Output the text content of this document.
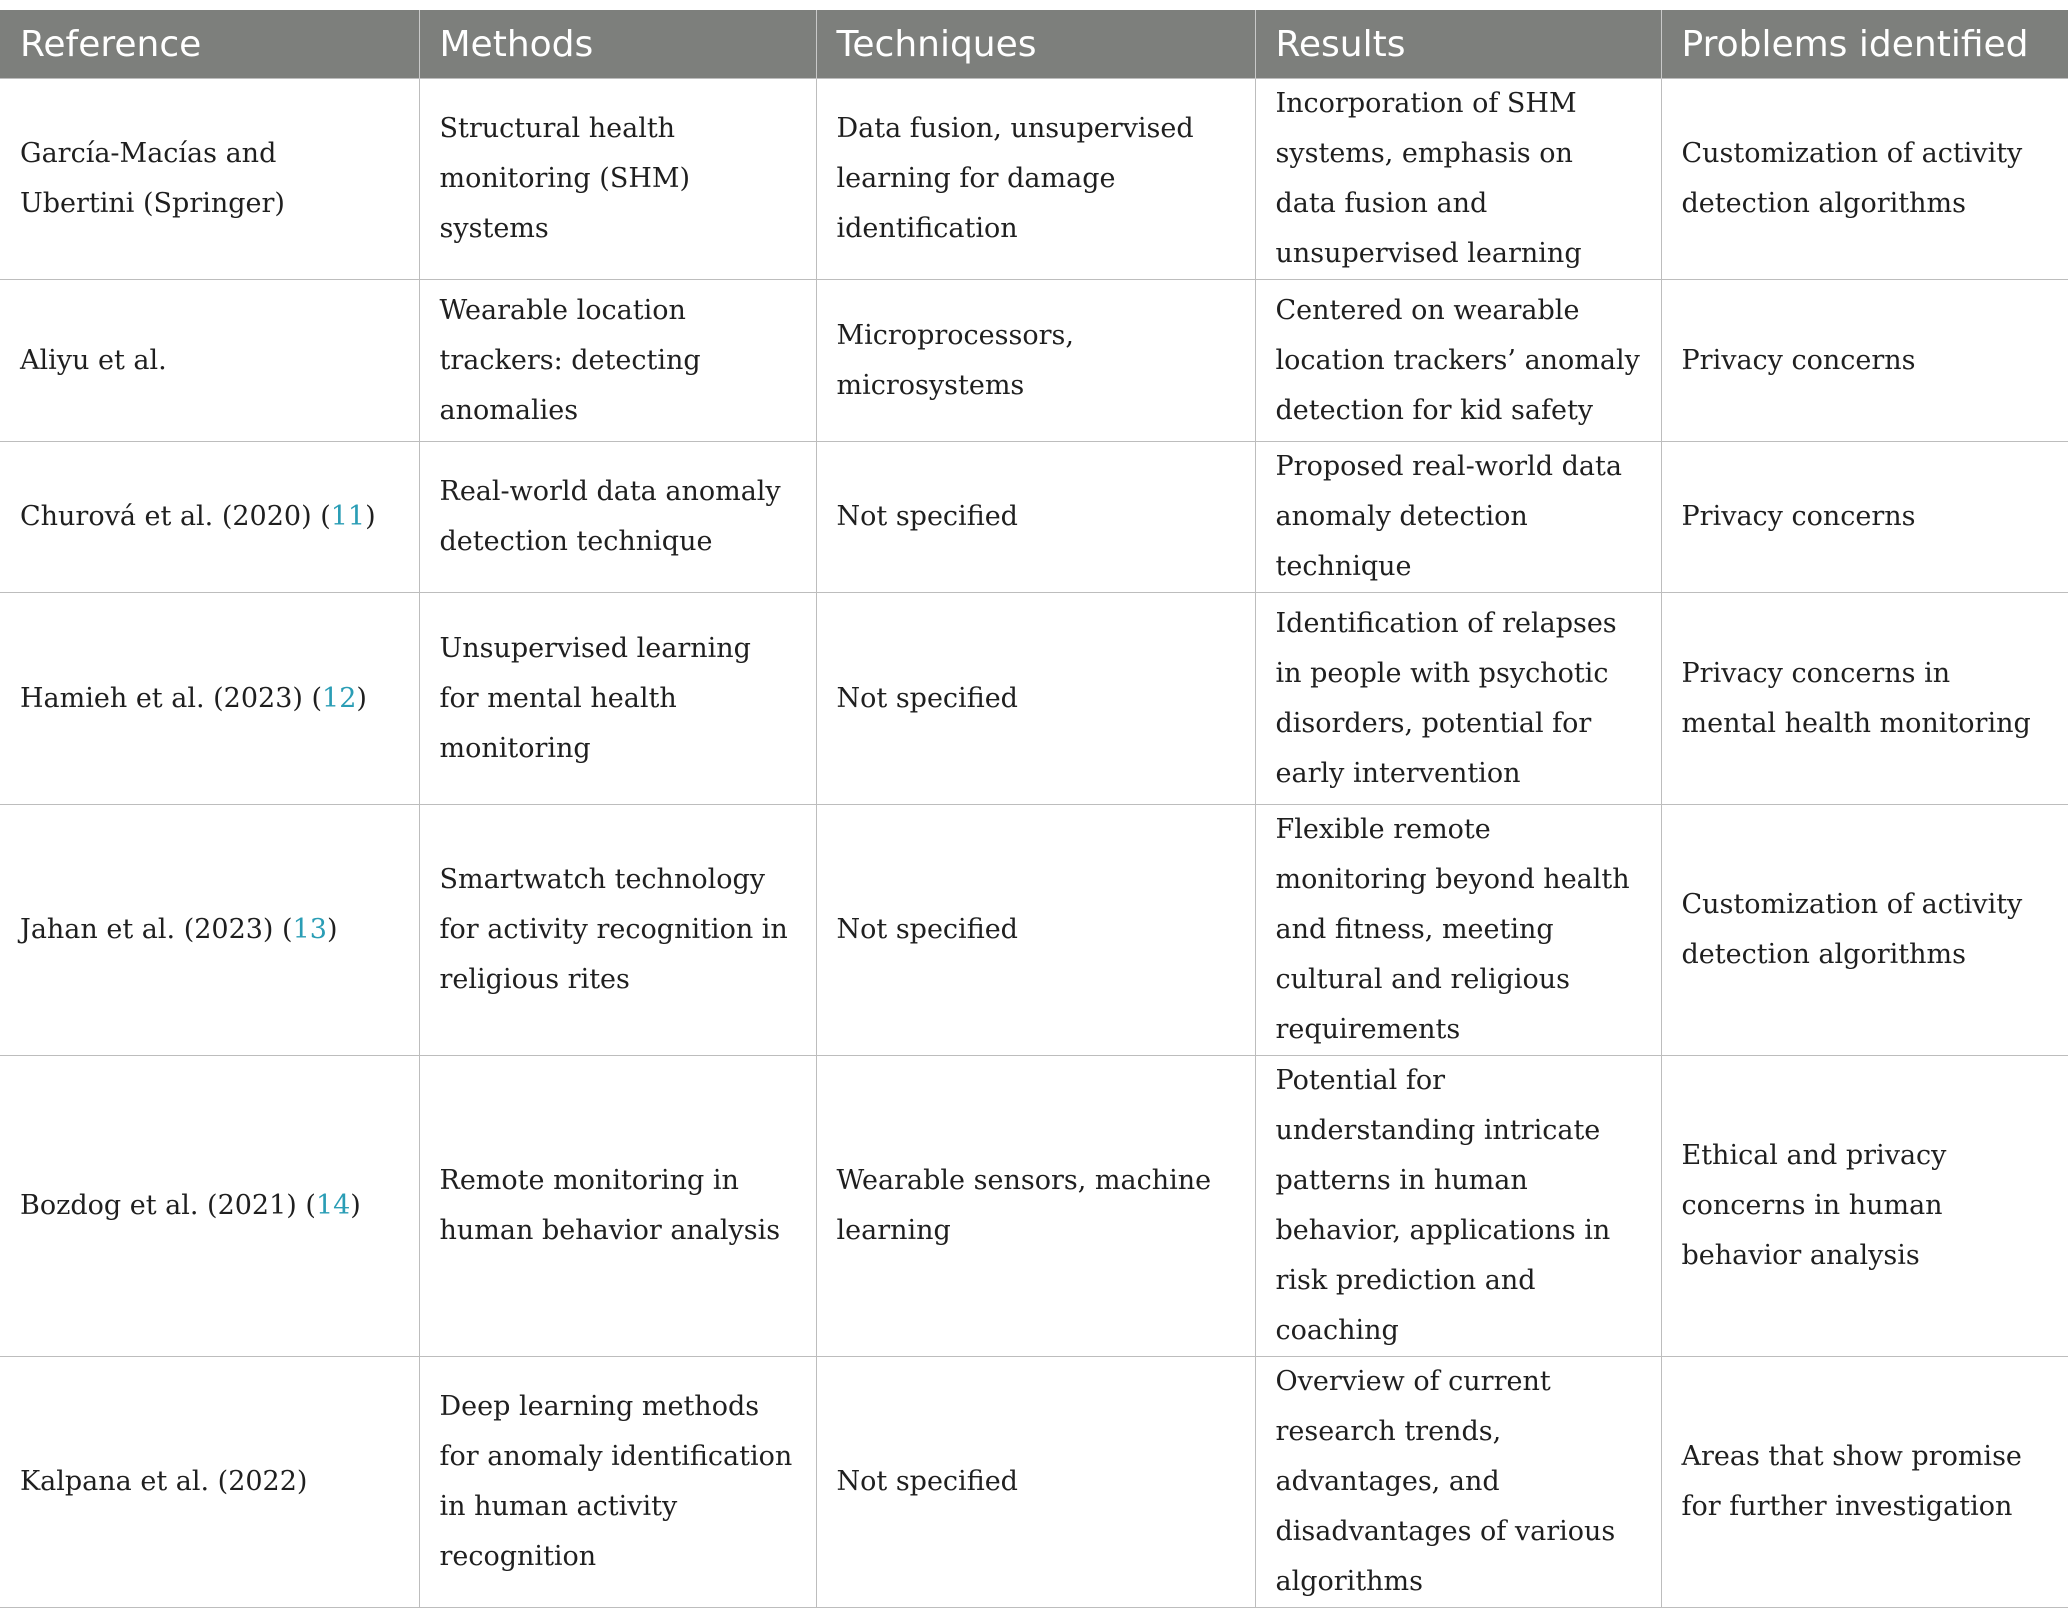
Reference	Methods	Techniques	Results	Problems identified
García-Macías and Ubertini (Springer)	Structural health monitoring (SHM) systems	Data fusion, unsupervised learning for damage identification	Incorporation of SHM systems, emphasis on data fusion and unsupervised learning	Customization of activity detection algorithms
Aliyu et al.	Wearable location trackers: detecting anomalies	Microprocessors, microsystems	Centered on wearable location trackers’ anomaly detection for kid safety	Privacy concerns
Churová et al. (2020) (11)	Real-world data anomaly detection technique	Not specified	Proposed real-world data anomaly detection technique	Privacy concerns
Hamieh et al. (2023) (12)	Unsupervised learning for mental health monitoring	Not specified	Identification of relapses in people with psychotic disorders, potential for early intervention	Privacy concerns in mental health monitoring
Jahan et al. (2023) (13)	Smartwatch technology for activity recognition in religious rites	Not specified	Flexible remote monitoring beyond health and fitness, meeting cultural and religious requirements	Customization of activity detection algorithms
Bozdog et al. (2021) (14)	Remote monitoring in human behavior analysis	Wearable sensors, machine learning	Potential for understanding intricate patterns in human behavior, applications in risk prediction and coaching	Ethical and privacy concerns in human behavior analysis
Kalpana et al. (2022)	Deep learning methods for anomaly identification in human activity recognition	Not specified	Overview of current research trends, advantages, and disadvantages of various algorithms	Areas that show promise for further investigation
